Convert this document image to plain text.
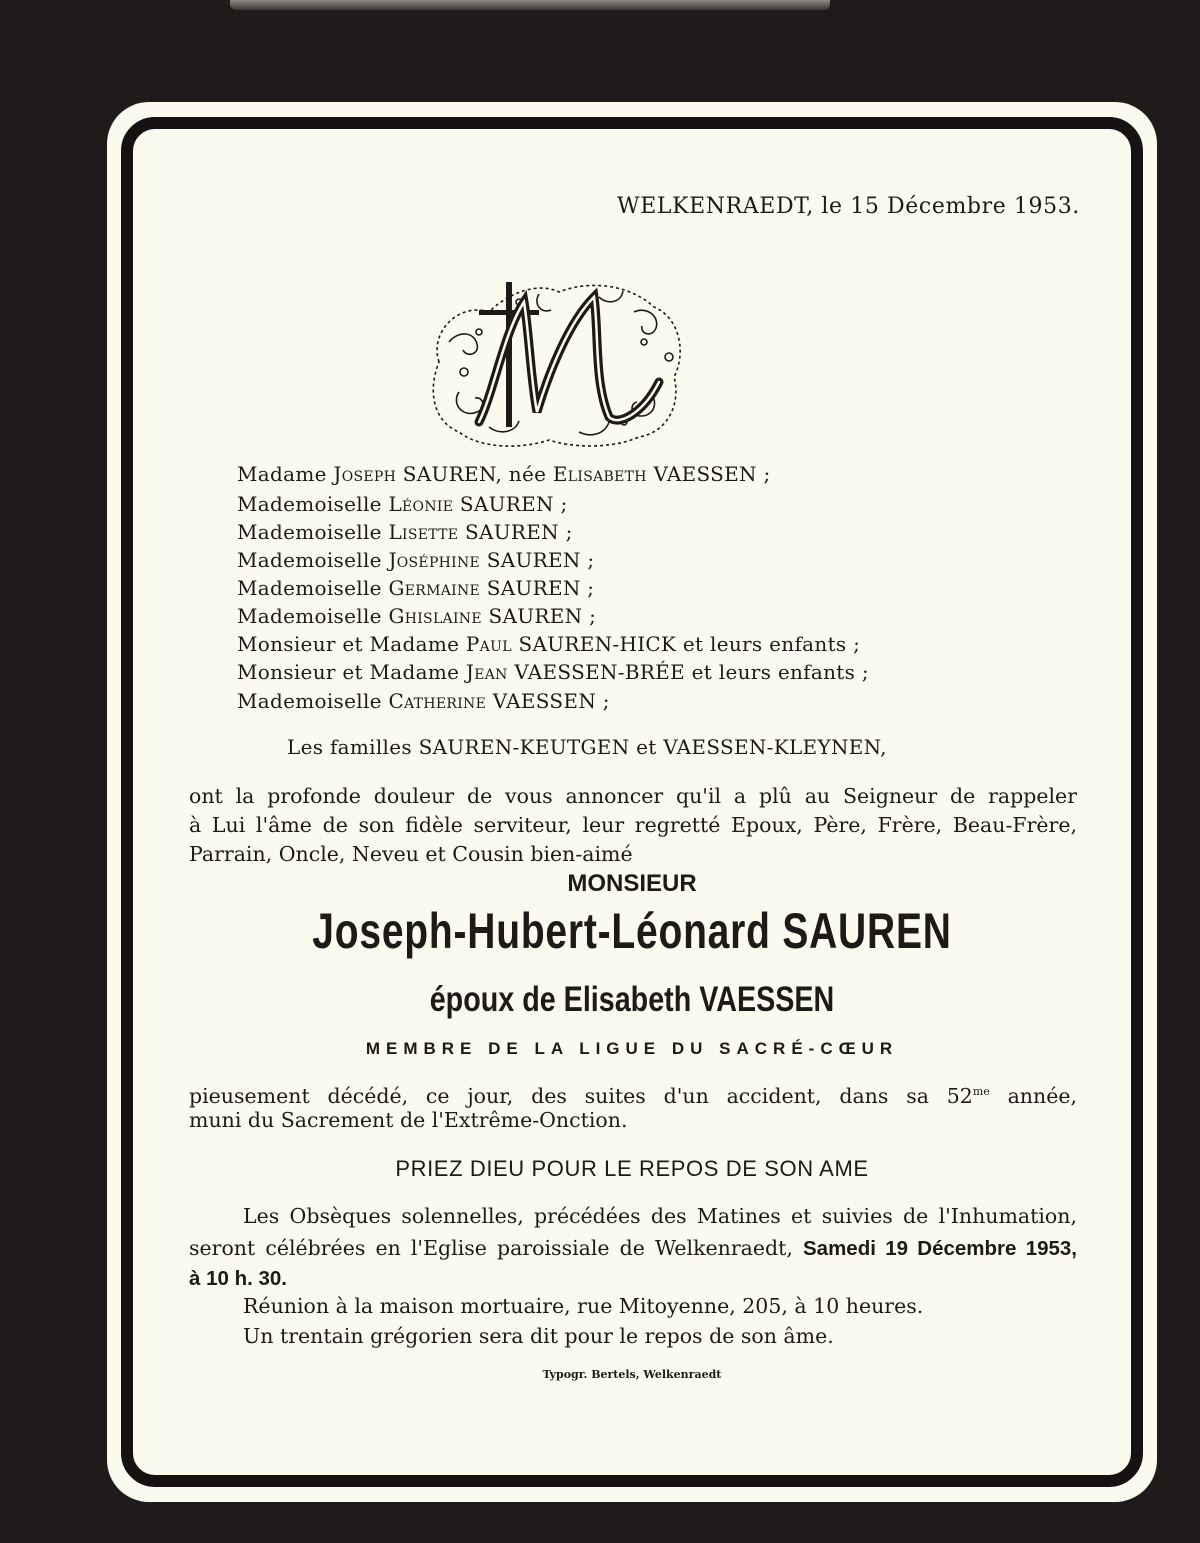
WELKENRAEDT, le 15 Décembre 1953.
Madame Joseph SAUREN, née Elisabeth VAESSEN ;
Mademoiselle Léonie SAUREN ;
Mademoiselle Lisette SAUREN ;
Mademoiselle Joséphine SAUREN ;
Mademoiselle Germaine SAUREN ;
Mademoiselle Ghislaine SAUREN ;
Monsieur et Madame Paul SAUREN-HICK et leurs enfants ;
Monsieur et Madame Jean VAESSEN-BRÉE et leurs enfants ;
Mademoiselle Catherine VAESSEN ;
Les familles SAUREN-KEUTGEN et VAESSEN-KLEYNEN,
ont la profonde douleur de vous annoncer qu'il a plû au Seigneur de rappeler
à Lui l'âme de son fidèle serviteur, leur regretté Epoux, Père, Frère, Beau-Frère,
Parrain, Oncle, Neveu et Cousin bien-aimé
MONSIEUR
Joseph-Hubert-Léonard SAUREN
époux de Elisabeth VAESSEN
MEMBRE DE LA LIGUE DU SACRÉ-CŒUR
pieusement décédé, ce jour, des suites d'un accident, dans sa $52^{me}$ année,
muni du Sacrement de l'Extrême-Onction.
PRIEZ DIEU POUR LE REPOS DE SON AME
Les Obsèques solennelles, précédées des Matines et suivies de l'Inhumation,
seront célébrées en l'Eglise paroissiale de Welkenraedt, Samedi 19 Décembre 1953,
à 10 h. 30.
Réunion à la maison mortuaire, rue Mitoyenne, 205, à 10 heures.
Un trentain grégorien sera dit pour le repos de son âme.
Typogr. Bertels, Welkenraedt
